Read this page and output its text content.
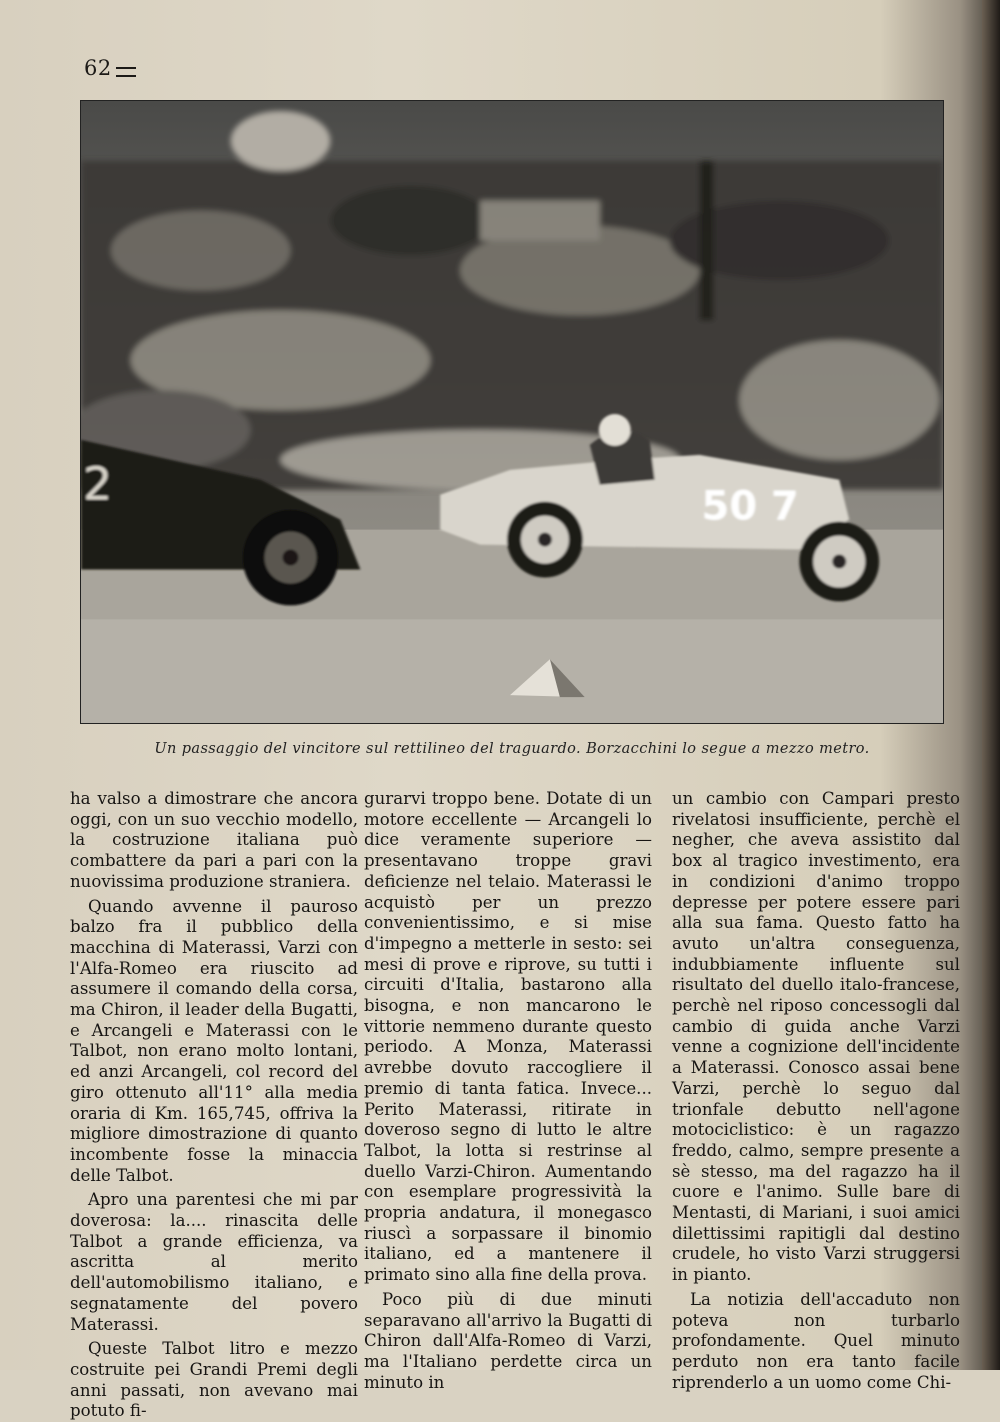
62
2	50 7
Un passaggio del vincitore sul rettilineo del traguardo. Borzacchini lo segue a mezzo metro.

ha valso a dimostrare che ancora oggi, con un suo vecchio modello, la costruzione italiana può combattere da pari a pari con la nuovissima produzione straniera.

Quando avvenne il pauroso balzo fra il pubblico della macchina di Materassi, Varzi con l'Alfa-Romeo era riuscito ad assumere il comando della corsa, ma Chiron, il leader della Bugatti, e Arcangeli e Materassi con le Talbot, non erano molto lontani, ed anzi Arcangeli, col record del giro ottenuto all'11° alla media oraria di Km. 165,745, offriva la migliore dimostrazione di quanto incombente fosse la minaccia delle Talbot.

Apro una parentesi che mi par doverosa: la.... rinascita delle Talbot a grande efficienza, va ascritta al merito dell'automobilismo italiano, e segnatamente del povero Materassi.

Queste Talbot litro e mezzo costruite pei Grandi Premi degli anni passati, non avevano mai potuto fi-

gurarvi troppo bene. Dotate di un motore eccellente — Arcangeli lo dice veramente superiore — presentavano troppe gravi deficienze nel telaio. Materassi le acquistò per un prezzo convenientissimo, e si mise d'impegno a metterle in sesto: sei mesi di prove e riprove, su tutti i circuiti d'Italia, bastarono alla bisogna, e non mancarono le vittorie nemmeno durante questo periodo. A Monza, Materassi avrebbe dovuto raccogliere il premio di tanta fatica. Invece... Perito Materassi, ritirate in doveroso segno di lutto le altre Talbot, la lotta si restrinse al duello Varzi-Chiron. Aumentando con esemplare progressività la propria andatura, il monegasco riuscì a sorpassare il binomio italiano, ed a mantenere il primato sino alla fine della prova.

Poco più di due minuti separavano all'arrivo la Bugatti di Chiron dall'Alfa-Romeo di Varzi, ma l'Italiano perdette circa un minuto in

un cambio con Campari presto rivelatosi insufficiente, perchè el negher, che aveva assistito dal box al tragico investimento, era in condizioni d'animo troppo depresse per potere essere pari alla sua fama. Questo fatto ha avuto un'altra conseguenza, indubbiamente influente sul risultato del duello italo-francese, perchè nel riposo concessogli dal cambio di guida anche Varzi venne a cognizione dell'incidente a Materassi. Conosco assai bene Varzi, perchè lo seguo dal trionfale debutto nell'agone motociclistico: è un ragazzo freddo, calmo, sempre presente a sè stesso, ma del ragazzo ha il cuore e l'animo. Sulle bare di Mentasti, di Mariani, i suoi amici dilettissimi rapitigli dal destino crudele, ho visto Varzi struggersi in pianto.

La notizia dell'accaduto non poteva non turbarlo profondamente. Quel minuto perduto non era tanto facile riprenderlo a un uomo come Chi-
